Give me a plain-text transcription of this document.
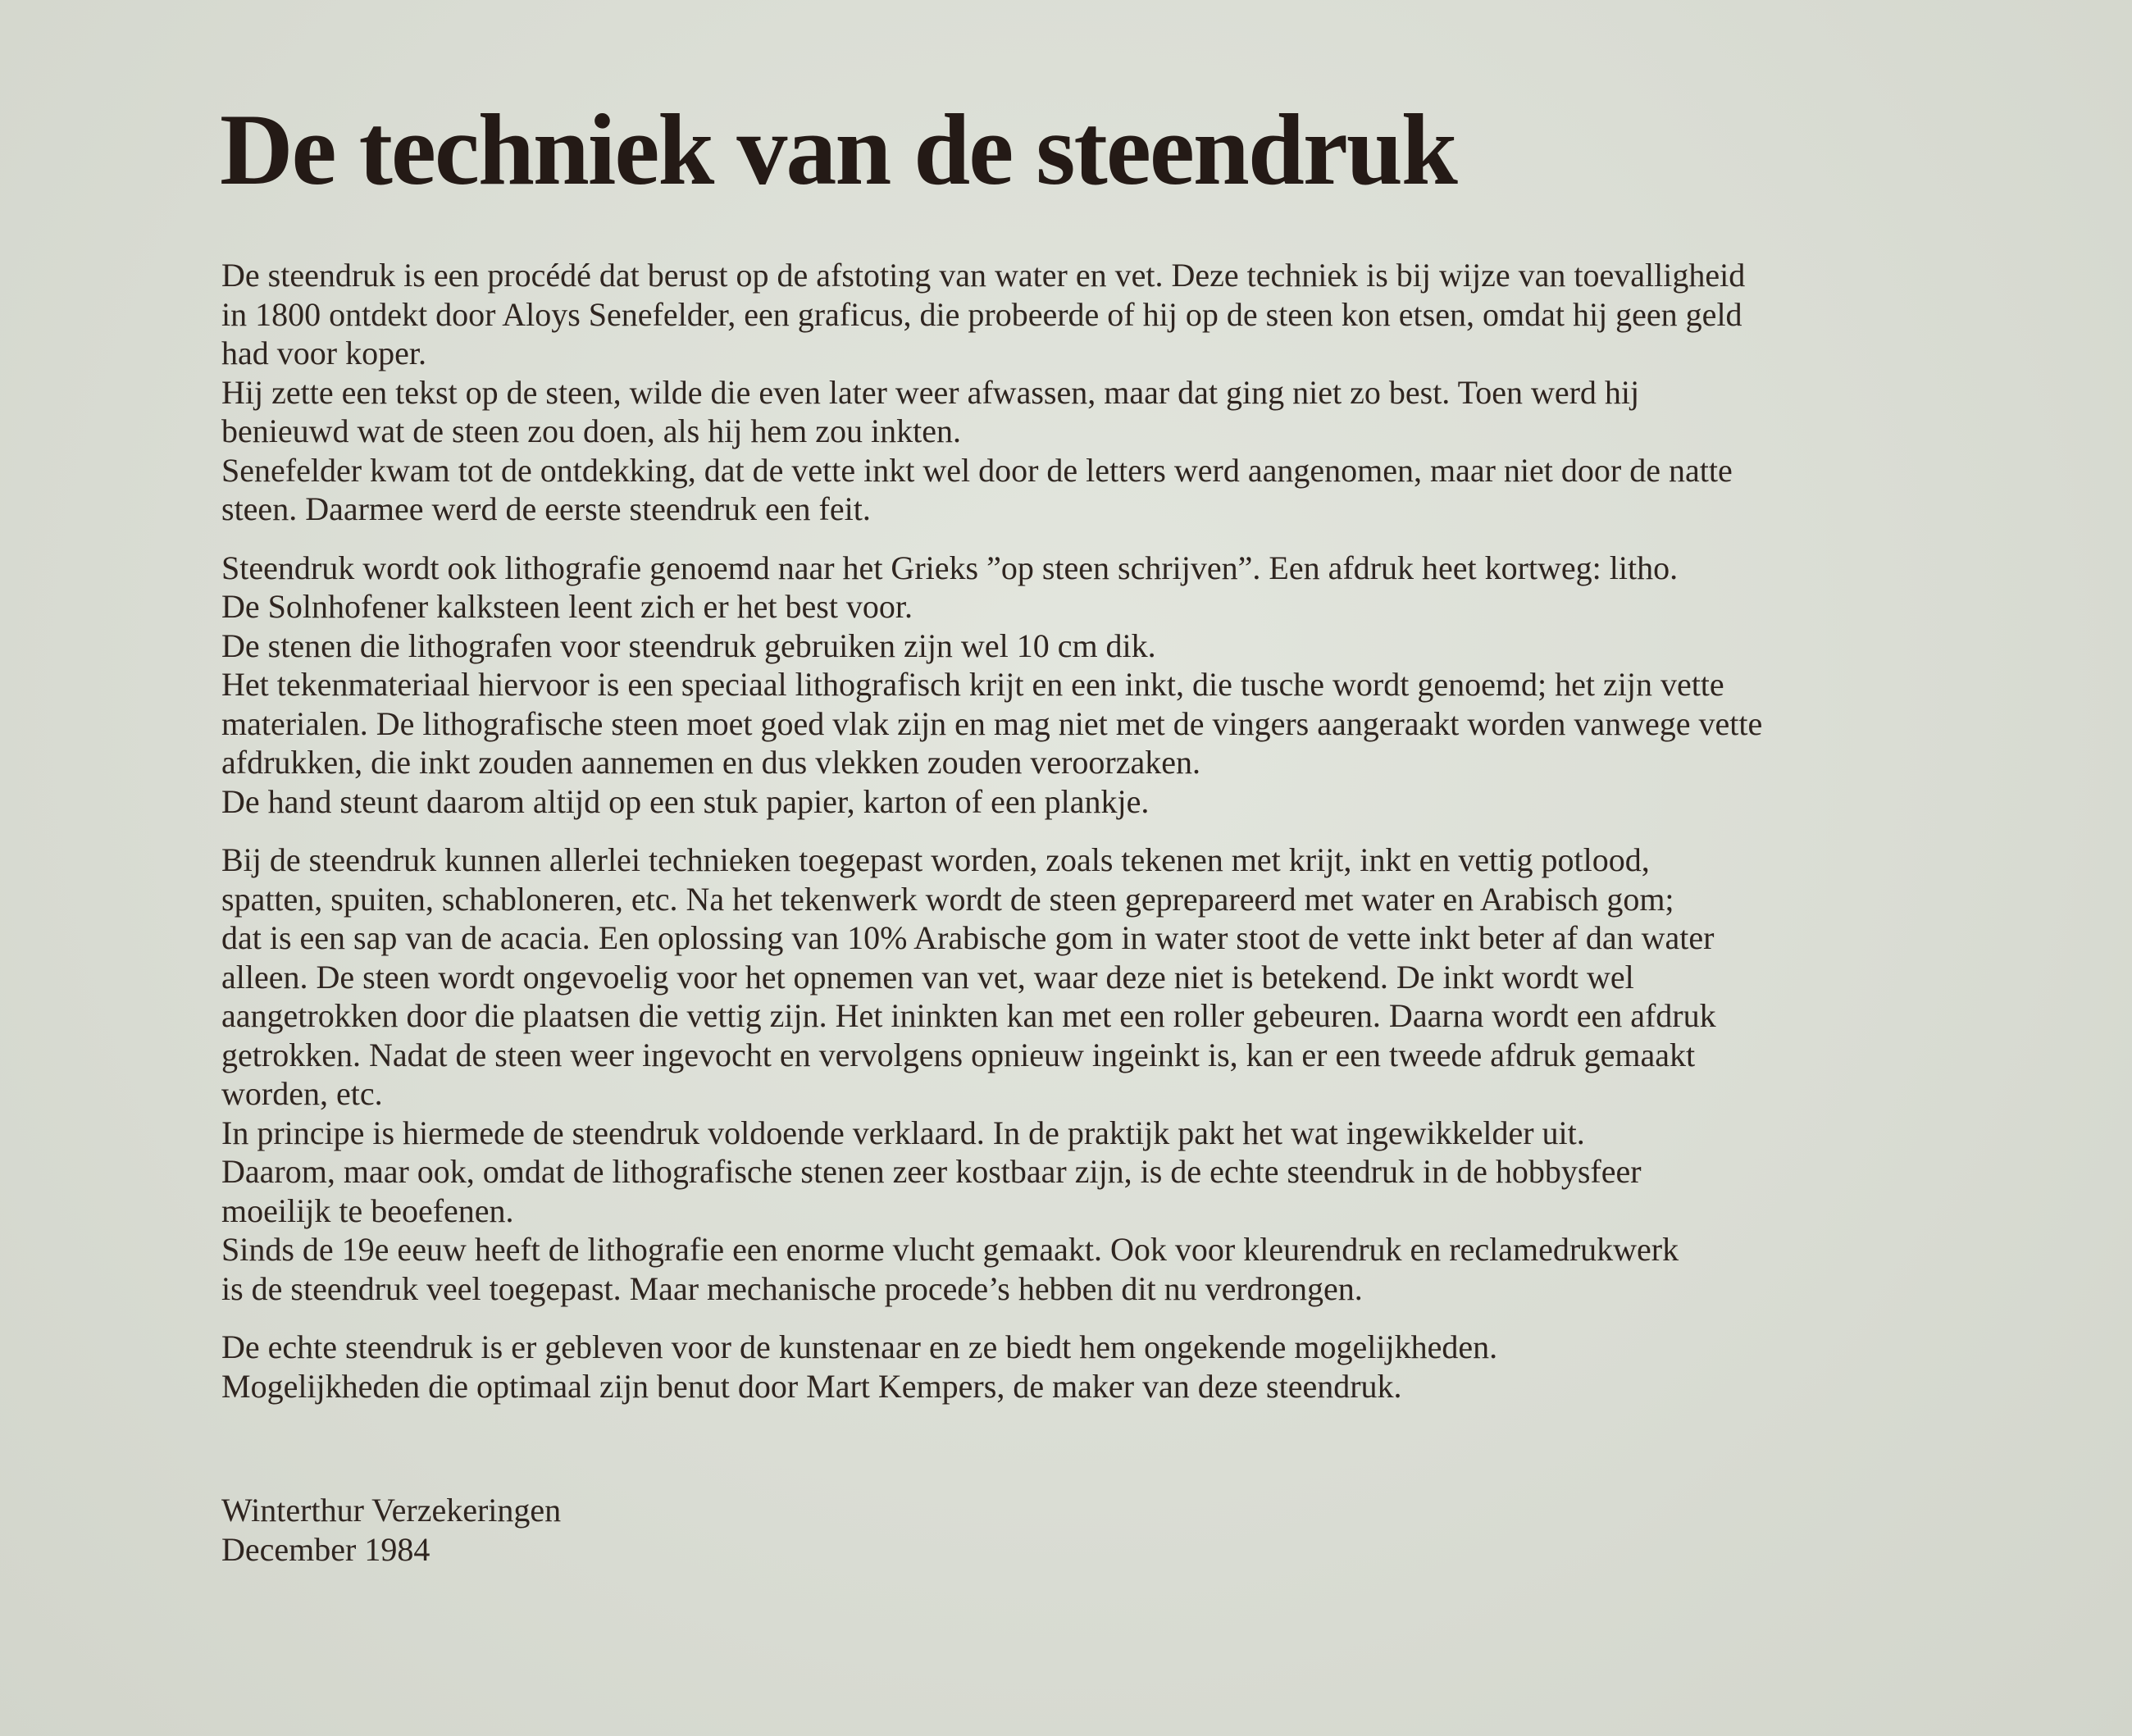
De techniek van de steendruk

De steendruk is een procédé dat berust op de afstoting van water en vet. Deze techniek is bij wijze van toevalligheid
in 1800 ontdekt door Aloys Senefelder, een graficus, die probeerde of hij op de steen kon etsen, omdat hij geen geld
had voor koper.
Hij zette een tekst op de steen, wilde die even later weer afwassen, maar dat ging niet zo best. Toen werd hij
benieuwd wat de steen zou doen, als hij hem zou inkten.
Senefelder kwam tot de ontdekking, dat de vette inkt wel door de letters werd aangenomen, maar niet door de natte
steen. Daarmee werd de eerste steendruk een feit.

Steendruk wordt ook lithografie genoemd naar het Grieks ”op steen schrijven”. Een afdruk heet kortweg: litho.
De Solnhofener kalksteen leent zich er het best voor.
De stenen die lithografen voor steendruk gebruiken zijn wel 10 cm dik.
Het tekenmateriaal hiervoor is een speciaal lithografisch krijt en een inkt, die tusche wordt genoemd; het zijn vette
materialen. De lithografische steen moet goed vlak zijn en mag niet met de vingers aangeraakt worden vanwege vette
afdrukken, die inkt zouden aannemen en dus vlekken zouden veroorzaken.
De hand steunt daarom altijd op een stuk papier, karton of een plankje.

Bij de steendruk kunnen allerlei technieken toegepast worden, zoals tekenen met krijt, inkt en vettig potlood,
spatten, spuiten, schabloneren, etc. Na het tekenwerk wordt de steen geprepareerd met water en Arabisch gom;
dat is een sap van de acacia. Een oplossing van 10% Arabische gom in water stoot de vette inkt beter af dan water
alleen. De steen wordt ongevoelig voor het opnemen van vet, waar deze niet is betekend. De inkt wordt wel
aangetrokken door die plaatsen die vettig zijn. Het ininkten kan met een roller gebeuren. Daarna wordt een afdruk
getrokken. Nadat de steen weer ingevocht en vervolgens opnieuw ingeinkt is, kan er een tweede afdruk gemaakt
worden, etc.
In principe is hiermede de steendruk voldoende verklaard. In de praktijk pakt het wat ingewikkelder uit.
Daarom, maar ook, omdat de lithografische stenen zeer kostbaar zijn, is de echte steendruk in de hobbysfeer
moeilijk te beoefenen.
Sinds de 19e eeuw heeft de lithografie een enorme vlucht gemaakt. Ook voor kleurendruk en reclamedrukwerk
is de steendruk veel toegepast. Maar mechanische procede’s hebben dit nu verdrongen.

De echte steendruk is er gebleven voor de kunstenaar en ze biedt hem ongekende mogelijkheden.
Mogelijkheden die optimaal zijn benut door Mart Kempers, de maker van deze steendruk.

Winterthur Verzekeringen
December 1984
